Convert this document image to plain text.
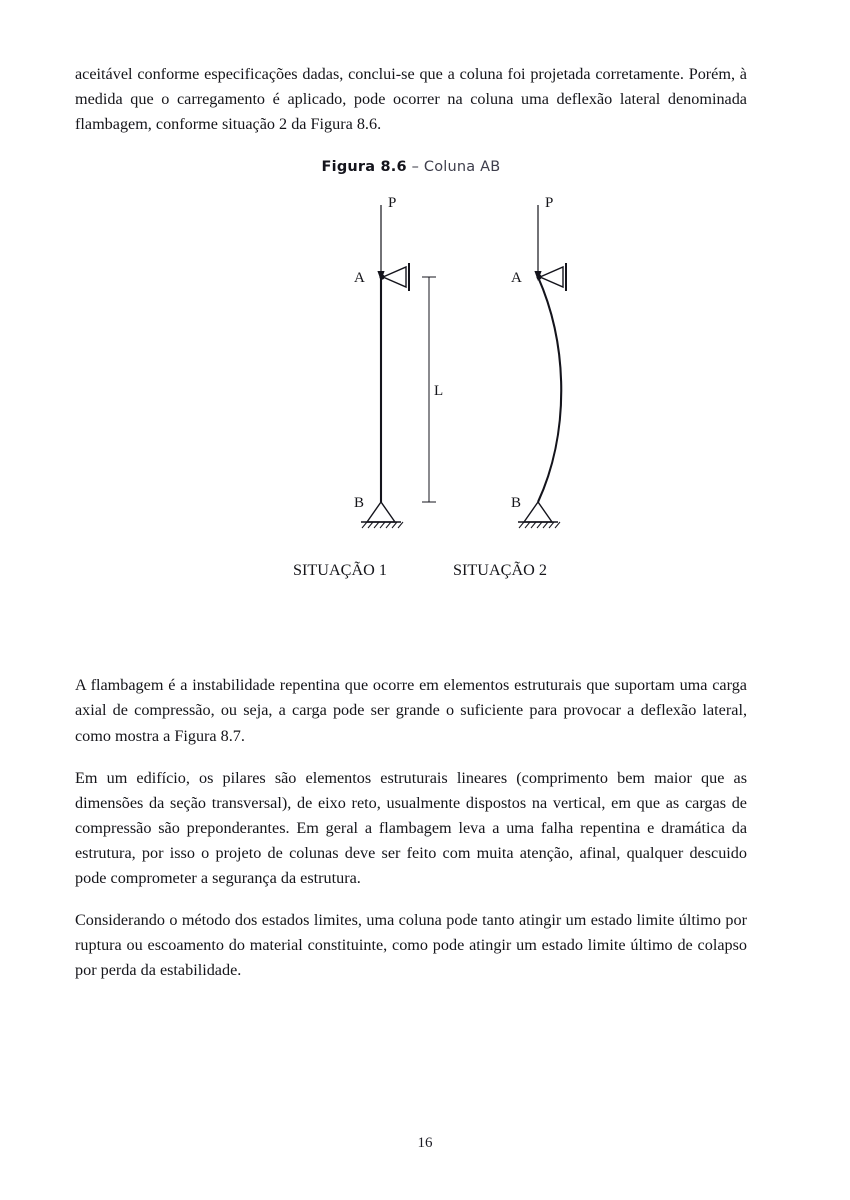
aceitável conforme especificações dadas, conclui-se que a coluna foi projetada corretamente. Porém, à medida que o carregamento é aplicado, pode ocorrer na coluna uma deflexão lateral denominada flambagem, conforme situação 2 da Figura 8.6.

Figura 8.6 – Coluna AB
P
A
B
L
P
A
B
SITUAÇÃO 1	SITUAÇÃO 2

A flambagem é a instabilidade repentina que ocorre em elementos estruturais que suportam uma carga axial de compressão, ou seja, a carga pode ser grande o suficiente para provocar a deflexão lateral, como mostra a Figura 8.7.

Em um edifício, os pilares são elementos estruturais lineares (comprimento bem maior que as dimensões da seção transversal), de eixo reto, usualmente dispostos na vertical, em que as cargas de compressão são preponderantes. Em geral a flambagem leva a uma falha repentina e dramática da estrutura, por isso o projeto de colunas deve ser feito com muita atenção, afinal, qualquer descuido pode comprometer a segurança da estrutura.

Considerando o método dos estados limites, uma coluna pode tanto atingir um estado limite último por ruptura ou escoamento do material constituinte, como pode atingir um estado limite último de colapso por perda da estabilidade.

16
